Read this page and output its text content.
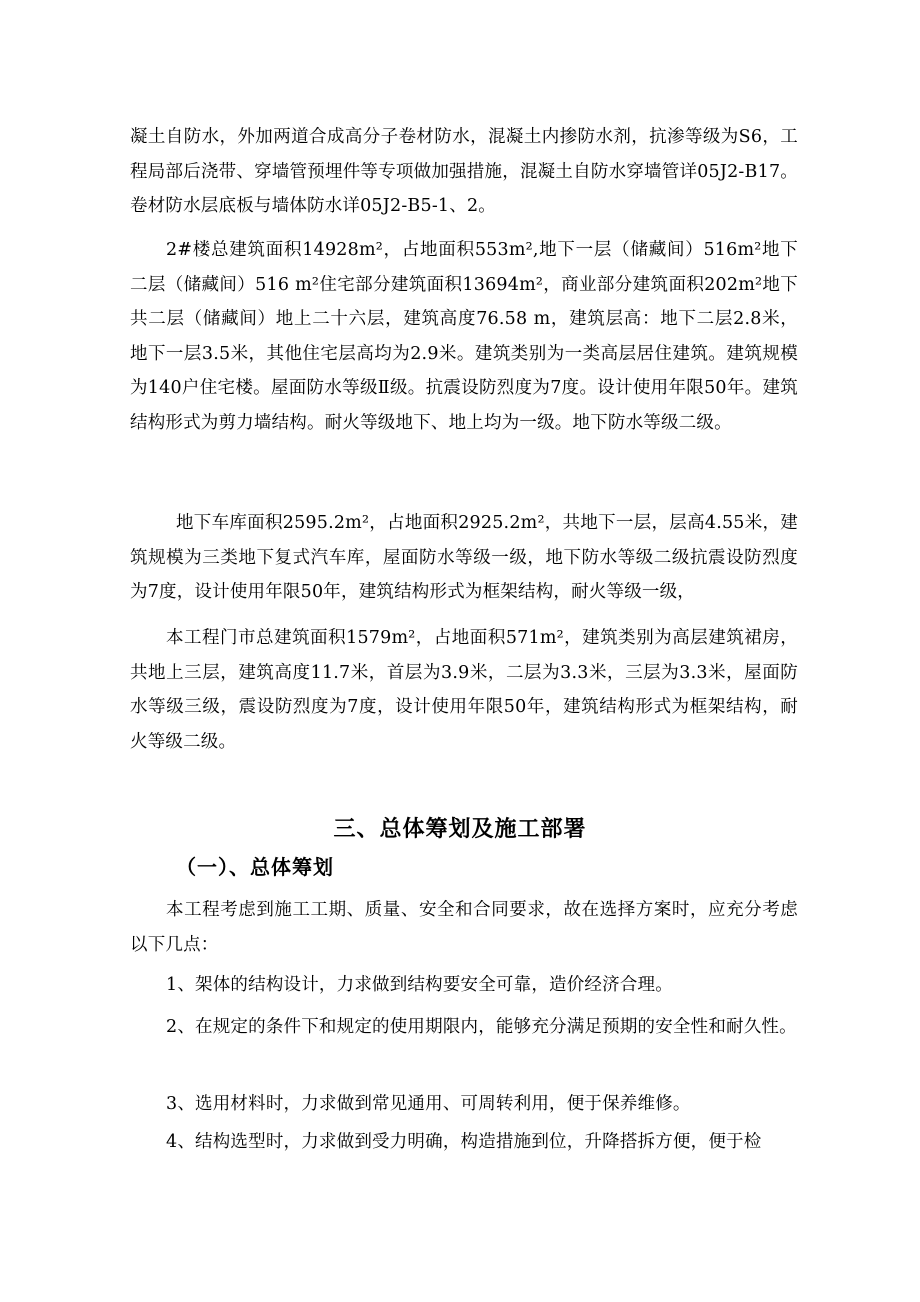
凝土自防水，外加两道合成高分子卷材防水，混凝土内掺防水剂，抗渗等级为S6，工程局部后浇带、穿墙管预埋件等专项做加强措施，混凝土自防水穿墙管详05J2-B17。卷材防水层底板与墙体防水详05J2-B5-1、2。

2#楼总建筑面积14928m²，占地面积553m²,地下一层（储藏间）516m²地下二层（储藏间）516 m²住宅部分建筑面积13694m²，商业部分建筑面积202m²地下共二层（储藏间）地上二十六层，建筑高度76.58 m，建筑层高：地下二层2.8米，地下一层3.5米，其他住宅层高均为2.9米。建筑类别为一类高层居住建筑。建筑规模为140户住宅楼。屋面防水等级Ⅱ级。抗震设防烈度为7度。设计使用年限50年。建筑结构形式为剪力墙结构。耐火等级地下、地上均为一级。地下防水等级二级。

地下车库面积2595.2m²，占地面积2925.2m²，共地下一层，层高4.55米，建筑规模为三类地下复式汽车库，屋面防水等级一级，地下防水等级二级抗震设防烈度为7度，设计使用年限50年，建筑结构形式为框架结构，耐火等级一级，

本工程门市总建筑面积1579m²，占地面积571m²，建筑类别为高层建筑裙房，共地上三层，建筑高度11.7米，首层为3.9米，二层为3.3米，三层为3.3米，屋面防水等级三级，震设防烈度为7度，设计使用年限50年，建筑结构形式为框架结构，耐火等级二级。

三、总体筹划及施工部署
（一）、总体筹划

本工程考虑到施工工期、质量、安全和合同要求，故在选择方案时，应充分考虑以下几点：

1、架体的结构设计，力求做到结构要安全可靠，造价经济合理。

2、在规定的条件下和规定的使用期限内，能够充分满足预期的安全性和耐久性。

3、选用材料时，力求做到常见通用、可周转利用，便于保养维修。

4、结构选型时，力求做到受力明确，构造措施到位，升降搭拆方便，便于检
